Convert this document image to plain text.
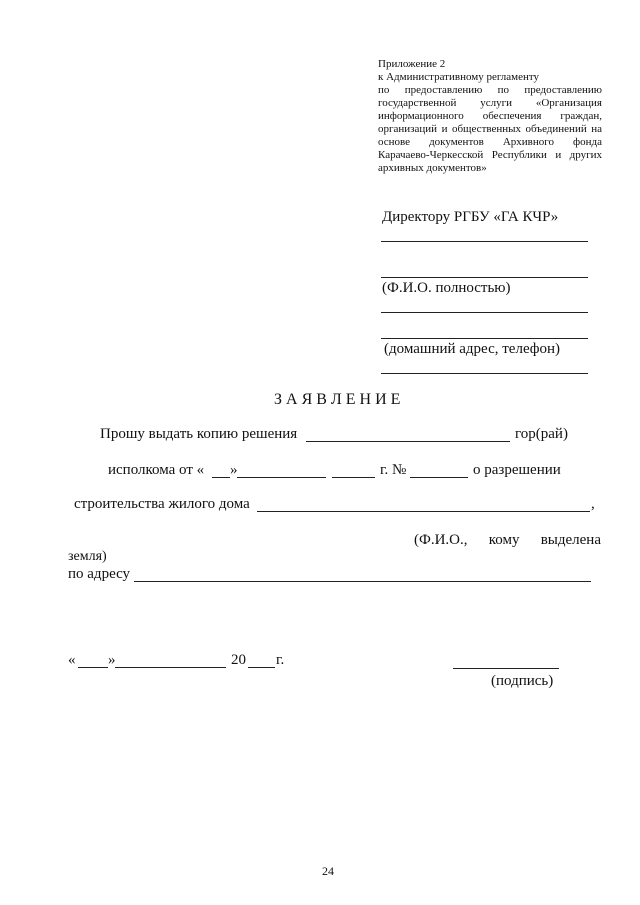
Приложение 2
к Административному регламенту
по предоставлению по предоставлению
государственной услуги «Организация
информационного обеспечения граждан,
организаций и общественных объединений на
основе документов Архивного фонда
Карачаево-Черкесской Республики и других
архивных документов»
Директору РГБУ «ГА КЧР»
(Ф.И.О. полностью)
(домашний адрес, телефон)
З А Я В Л Е Н И Е
Прошу выдать копию решения	гор(рай)
исполкома от « »	г. №	о разрешении
строительства жилого дома	,
(Ф.И.О., кому выделена
земля)
по адресу
« »	20 г.
(подпись)
24
